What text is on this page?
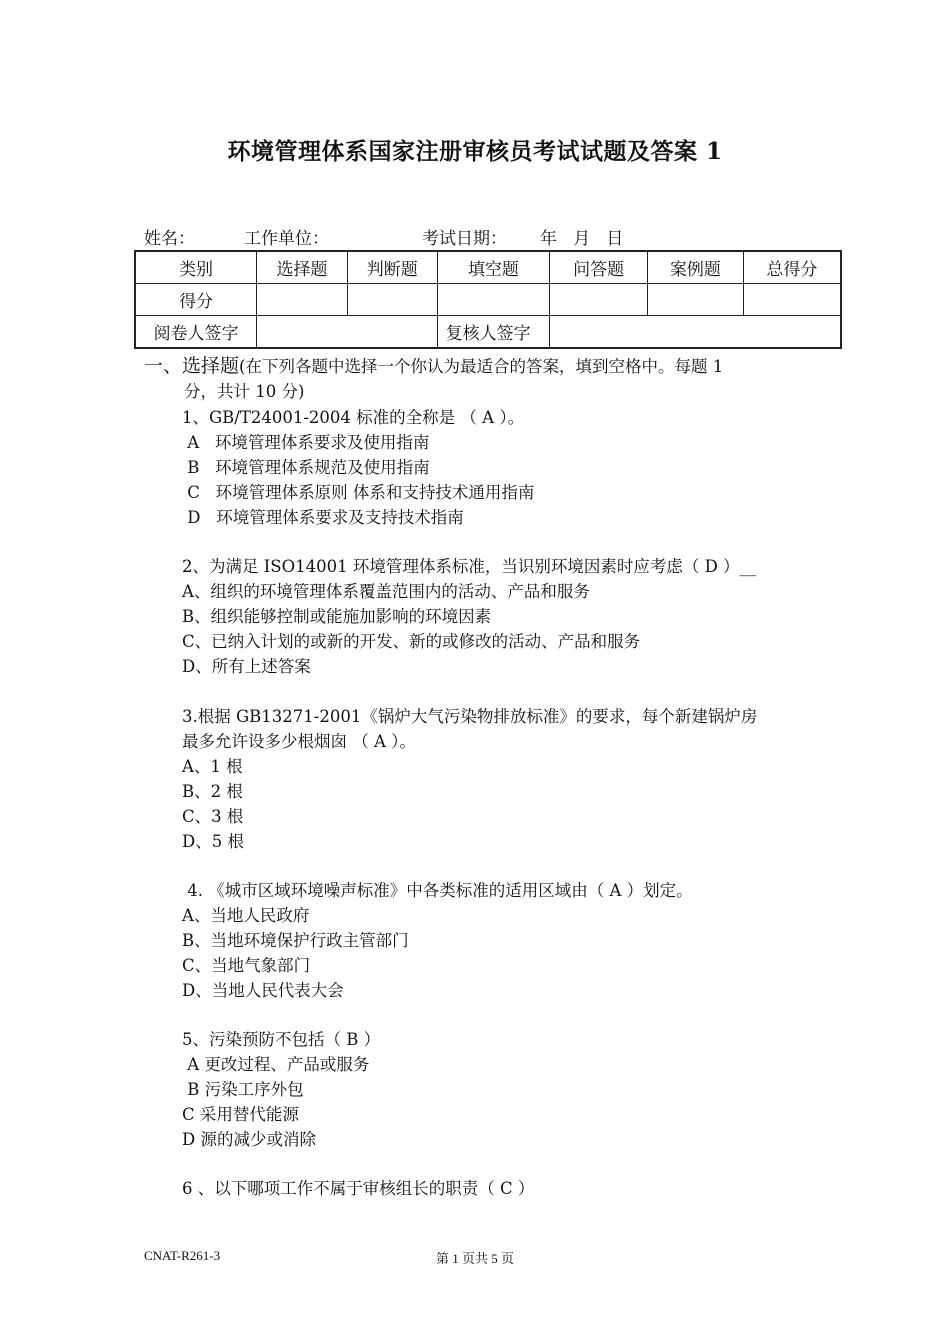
环境管理体系国家注册审核员考试试题及答案 1
姓名：	工作单位：	考试日期： 年   月   日
类别	选择题	判断题	填空题	问答题	案例题	总得分
得分						
阅卷人签字			复核人签字			
一、选择题(在下列各题中选择一个你认为最适合的答案，填到空格中。每题 1
分，共计 10 分)
1、GB/T24001-2004 标准的全称是 （ A ）。
A   环境管理体系要求及使用指南
B   环境管理体系规范及使用指南
C   环境管理体系原则 体系和支持技术通用指南
D   环境管理体系要求及支持技术指南
2、为满足 ISO14001 环境管理体系标准，当识别环境因素时应考虑（ D ）__
A、组织的环境管理体系覆盖范围内的活动、产品和服务
B、组织能够控制或能施加影响的环境因素
C、已纳入计划的或新的开发、新的或修改的活动、产品和服务
D、所有上述答案
3.根据 GB13271-2001《锅炉大气污染物排放标准》的要求，每个新建锅炉房
最多允许设多少根烟囱 （ A ）。
A、1 根
B、2 根
C、3 根
D、5 根
4. 《城市区域环境噪声标准》中各类标准的适用区域由（ A ）划定。
A、当地人民政府
B、当地环境保护行政主管部门
C、当地气象部门
D、当地人民代表大会
5、污染预防不包括（ B ）
A 更改过程、产品或服务
B 污染工序外包
C 采用替代能源
D 源的减少或消除
6 、以下哪项工作不属于审核组长的职责（ C ）
CNAT-R261-3	第 1 页共 5 页
